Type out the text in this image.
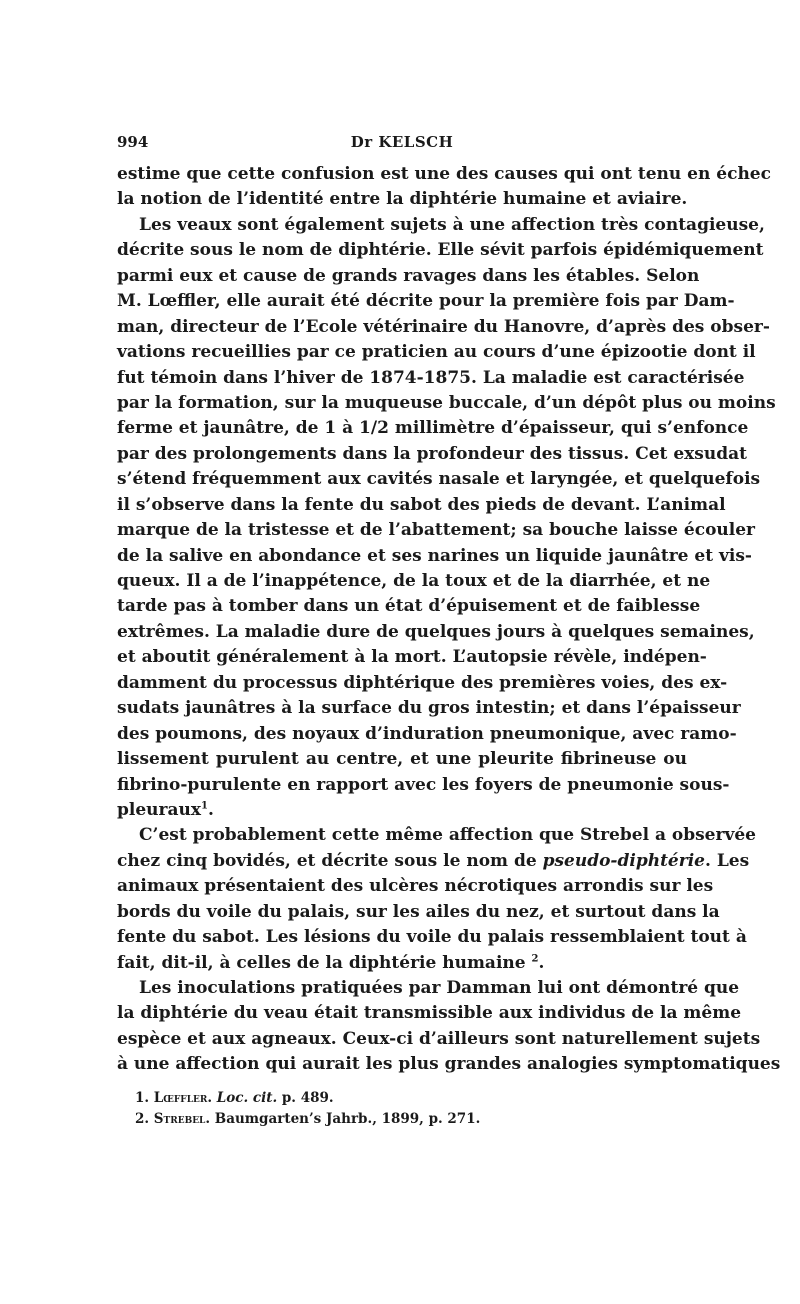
994	Dr KELSCH
estime que cette confusion est une des causes qui ont tenu en échec
la notion de l’identité entre la diphtérie humaine et aviaire.
Les veaux sont également sujets à une affection très contagieuse,
décrite sous le nom de diphtérie. Elle sévit parfois épidémiquement
parmi eux et cause de grands ravages dans les étables. Selon
M. Lœffler, elle aurait été décrite pour la première fois par Dam-
man, directeur de l’Ecole vétérinaire du Hanovre, d’après des obser-
vations recueillies par ce praticien au cours d’une épizootie dont il
fut témoin dans l’hiver de 1874-1875. La maladie est caractérisée
par la formation, sur la muqueuse buccale, d’un dépôt plus ou moins
ferme et jaunâtre, de 1 à 1/2 millimètre d’épaisseur, qui s’enfonce
par des prolongements dans la profondeur des tissus. Cet exsudat
s’étend fréquemment aux cavités nasale et laryngée, et quelquefois
il s’observe dans la fente du sabot des pieds de devant. L’animal
marque de la tristesse et de l’abattement; sa bouche laisse écouler
de la salive en abondance et ses narines un liquide jaunâtre et vis-
queux. Il a de l’inappétence, de la toux et de la diarrhée, et ne
tarde pas à tomber dans un état d’épuisement et de faiblesse
extrêmes. La maladie dure de quelques jours à quelques semaines,
et aboutit généralement à la mort. L’autopsie révèle, indépen-
damment du processus diphtérique des premières voies, des ex-
sudats jaunâtres à la surface du gros intestin; et dans l’épaisseur
des poumons, des noyaux d’induration pneumonique, avec ramo-
lissement purulent au centre, et une pleurite fibrineuse ou
fibrino-purulente en rapport avec les foyers de pneumonie sous-
pleuraux$^1$.
C’est probablement cette même affection que Strebel a observée
chez cinq bovidés, et décrite sous le nom de pseudo-diphtérie. Les
animaux présentaient des ulcères nécrotiques arrondis sur les
bords du voile du palais, sur les ailes du nez, et surtout dans la
fente du sabot. Les lésions du voile du palais ressemblaient tout à
fait, dit-il, à celles de la diphtérie humaine $^2$.
Les inoculations pratiquées par Damman lui ont démontré que
la diphtérie du veau était transmissible aux individus de la même
espèce et aux agneaux. Ceux-ci d’ailleurs sont naturellement sujets
à une affection qui aurait les plus grandes analogies symptomatiques
1. Lœffler. Loc. cit. p. 489.
2. Strebel. Baumgarten’s Jahrb., 1899, p. 271.
